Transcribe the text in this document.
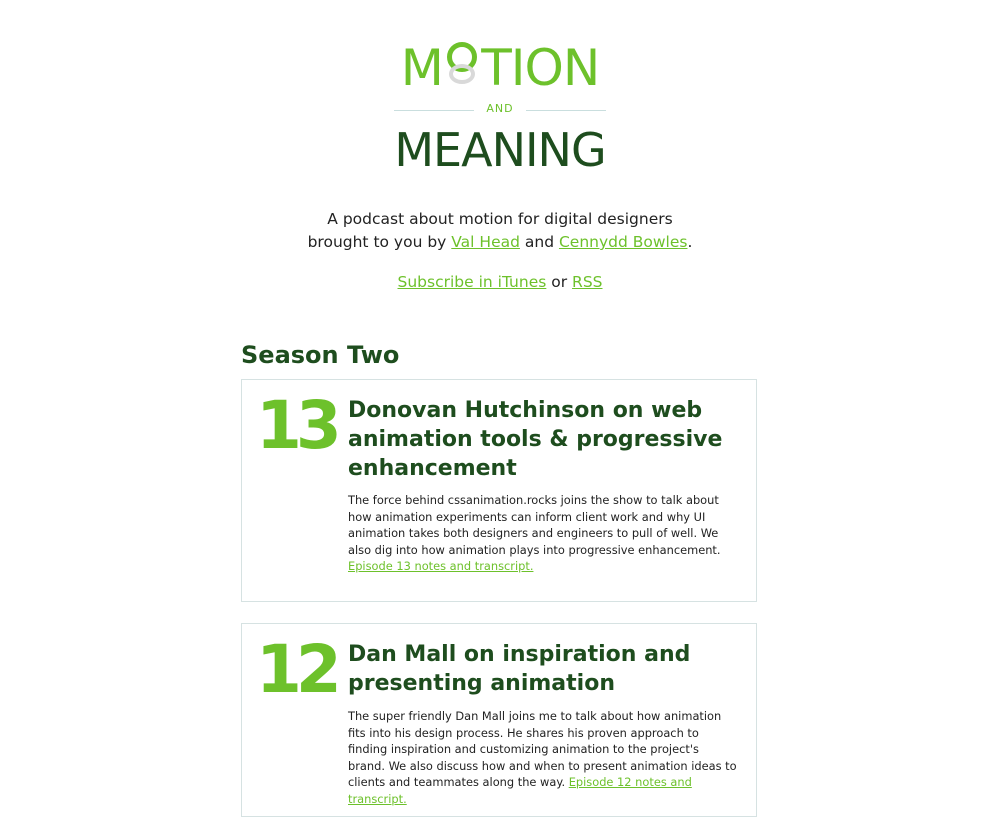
M TION
AND
MEANING

A podcast about motion for digital designers brought to you by Val Head and Cennydd Bowles.

Subscribe in iTunes or RSS

Season Two
13 Donovan Hutchinson on web animation tools & progressive enhancement

The force behind cssanimation.rocks joins the show to talk about how animation experiments can inform client work and why UI animation takes both designers and engineers to pull of well. We also dig into how animation plays into progressive enhancement. Episode 13 notes and transcript.

12 Dan Mall on inspiration and presenting animation

The super friendly Dan Mall joins me to talk about how animation fits into his design process. He shares his proven approach to finding inspiration and customizing animation to the project's brand. We also discuss how and when to present animation ideas to clients and teammates along the way. Episode 12 notes and transcript.
